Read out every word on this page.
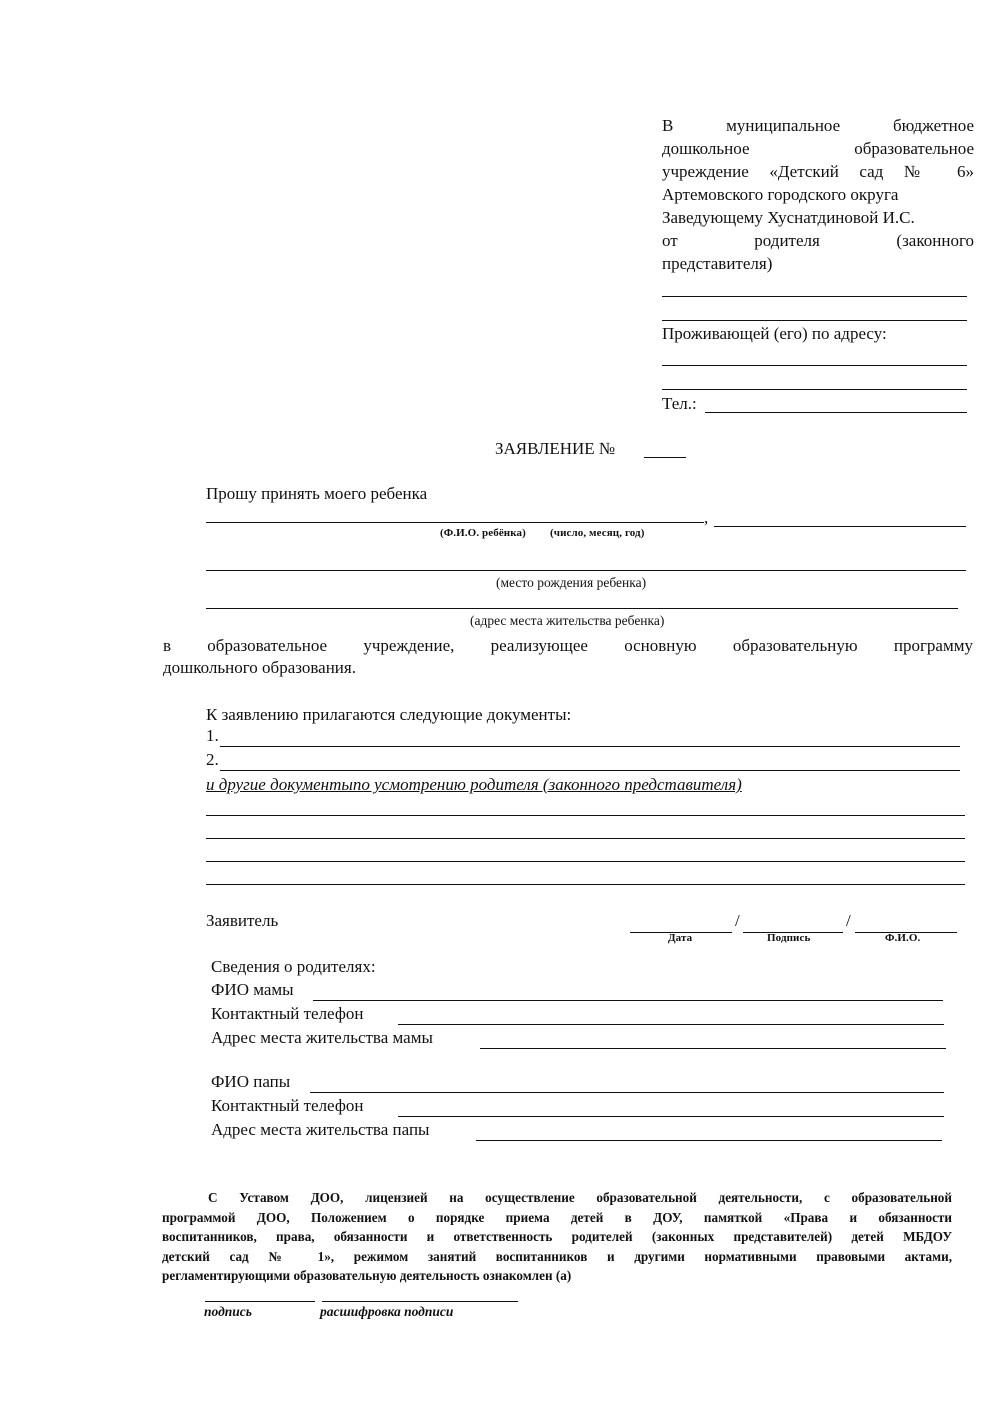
В муниципальное бюджетное
дошкольное образовательное
учреждение «Детский сад № 6»
Артемовского городского округа
Заведующему Хуснатдиновой И.С.
от родителя (законного
представителя)
Проживающей (его) по адресу:
Тел.:
ЗАЯВЛЕНИЕ №
Прошу принять моего ребенка
,
(Ф.И.О. ребёнка) (число, месяц, год)
(место рождения ребенка)
(адрес места жительства ребенка)
в образовательное учреждение, реализующее основную образовательную программу
дошкольного образования.
К заявлению прилагаются следующие документы:
1.
2.
и другие документыпо усмотрению родителя (законного представителя)
Заявитель	/	/
Дата	Подпись	Ф.И.О.
Сведения о родителях:
ФИО мамы
Контактный телефон
Адрес места жительства мамы
ФИО папы
Контактный телефон
Адрес места жительства папы
С Уставом ДОО, лицензией на осуществление образовательной деятельности, с образовательной
программой ДОО, Положением о порядке приема детей в ДОУ, памяткой «Права и обязанности
воспитанников, права, обязанности и ответственность родителей (законных представителей) детей МБДОУ
детский сад № 1», режимом занятий воспитанников и другими нормативными правовыми актами,
регламентирующими образовательную деятельность ознакомлен (а)
подпись	расшифровка подписи
